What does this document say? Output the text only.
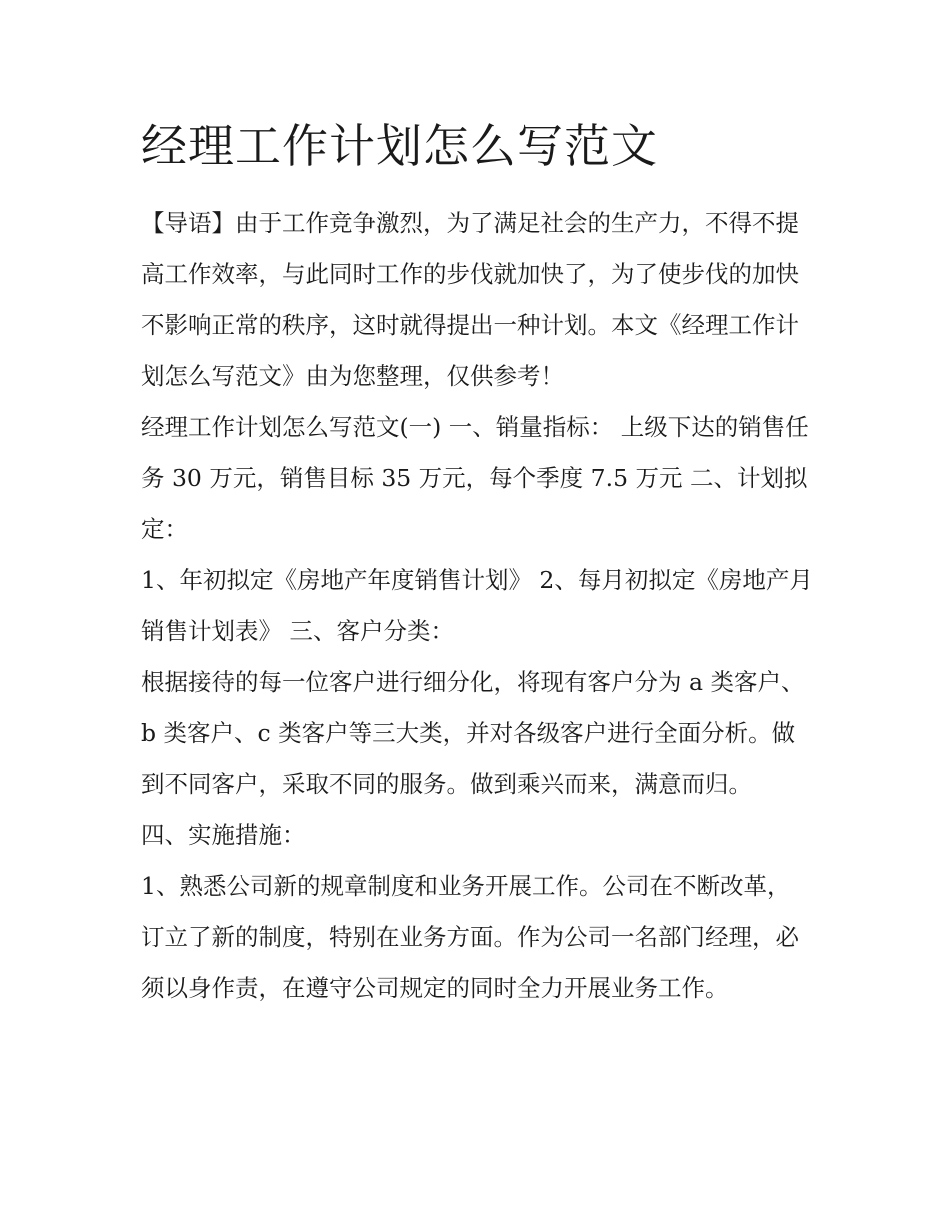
经理工作计划怎么写范文

【导语】由于工作竞争激烈，为了满足社会的生产力，不得不提高工作效率，与此同时工作的步伐就加快了，为了使步伐的加快不影响正常的秩序，这时就得提出一种计划。本文《经理工作计划怎么写范文》由为您整理，仅供参考！

经理工作计划怎么写范文(一) 一、销量指标： 上级下达的销售任务 30 万元，销售目标 35 万元，每个季度 7.5 万元 二、计划拟定：

1、年初拟定《房地产年度销售计划》 2、每月初拟定《房地产月销售计划表》 三、客户分类：

根据接待的每一位客户进行细分化，将现有客户分为 a 类客户、b 类客户、c 类客户等三大类，并对各级客户进行全面分析。做到不同客户，采取不同的服务。做到乘兴而来，满意而归。

四、实施措施：

1、熟悉公司新的规章制度和业务开展工作。公司在不断改革，订立了新的制度，特别在业务方面。作为公司一名部门经理，必须以身作责，在遵守公司规定的同时全力开展业务工作。
